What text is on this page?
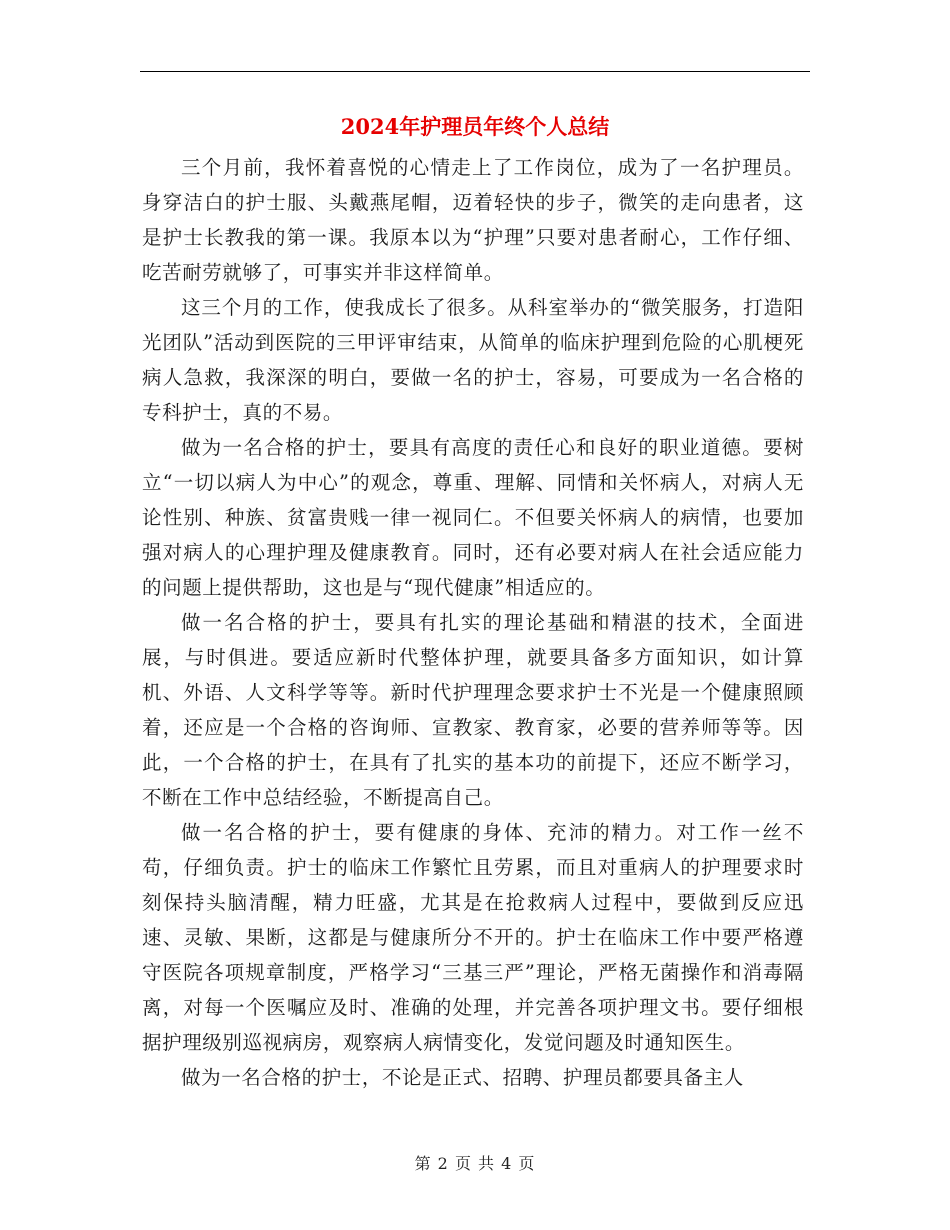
2024年护理员年终个人总结

三个月前，我怀着喜悦的心情走上了工作岗位，成为了一名护理员。身穿洁白的护士服、头戴燕尾帽，迈着轻快的步子，微笑的走向患者，这是护士长教我的第一课。我原本以为“护理”只要对患者耐心，工作仔细、吃苦耐劳就够了，可事实并非这样简单。

这三个月的工作，使我成长了很多。从科室举办的“微笑服务，打造阳光团队”活动到医院的三甲评审结束，从简单的临床护理到危险的心肌梗死病人急救，我深深的明白，要做一名的护士，容易，可要成为一名合格的专科护士，真的不易。

做为一名合格的护士，要具有高度的责任心和良好的职业道德。要树立“一切以病人为中心”的观念，尊重、理解、同情和关怀病人，对病人无论性别、种族、贫富贵贱一律一视同仁。不但要关怀病人的病情，也要加强对病人的心理护理及健康教育。同时，还有必要对病人在社会适应能力的问题上提供帮助，这也是与“现代健康”相适应的。

做一名合格的护士，要具有扎实的理论基础和精湛的技术，全面进展，与时俱进。要适应新时代整体护理，就要具备多方面知识，如计算机、外语、人文科学等等。新时代护理理念要求护士不光是一个健康照顾着，还应是一个合格的咨询师、宣教家、教育家，必要的营养师等等。因此，一个合格的护士，在具有了扎实的基本功的前提下，还应不断学习，不断在工作中总结经验，不断提高自己。

做一名合格的护士，要有健康的身体、充沛的精力。对工作一丝不苟，仔细负责。护士的临床工作繁忙且劳累，而且对重病人的护理要求时刻保持头脑清醒，精力旺盛，尤其是在抢救病人过程中，要做到反应迅速、灵敏、果断，这都是与健康所分不开的。护士在临床工作中要严格遵守医院各项规章制度，严格学习“三基三严”理论，严格无菌操作和消毒隔离，对每一个医嘱应及时、准确的处理，并完善各项护理文书。要仔细根据护理级别巡视病房，观察病人病情变化，发觉问题及时通知医生。

做为一名合格的护士，不论是正式、招聘、护理员都要具备主人

第 2 页 共 4 页
